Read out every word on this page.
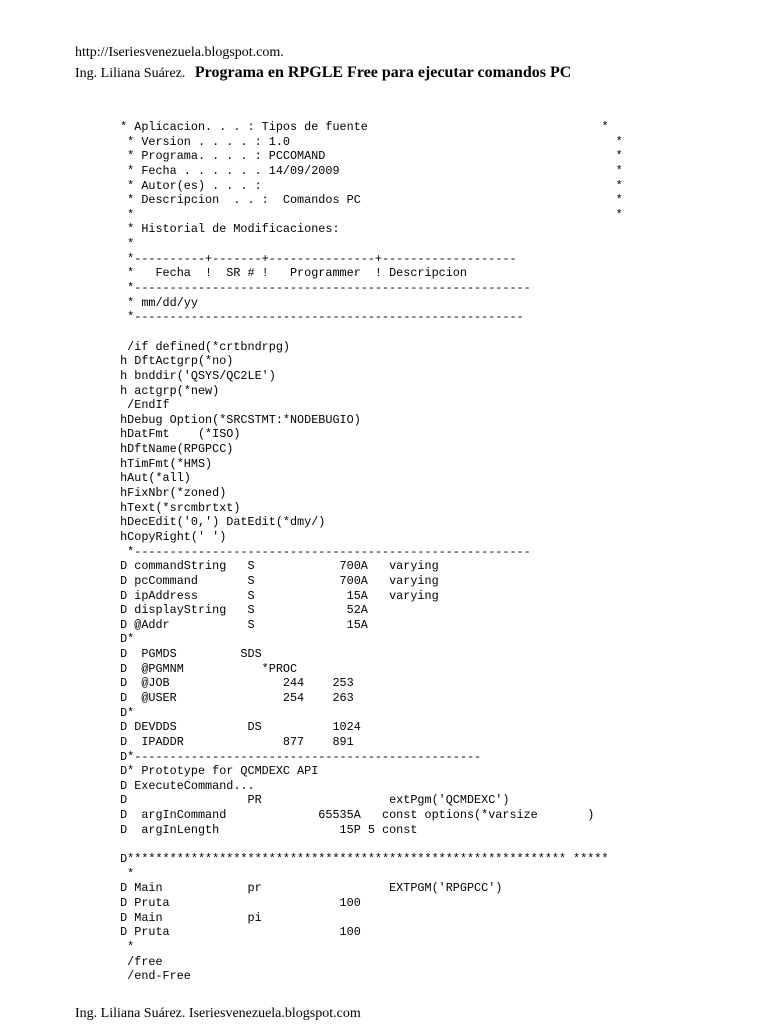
http://Iseriesvenezuela.blogspot.com.
Ing. Liliana Suárez. Programa en RPGLE Free para ejecutar comandos PC
* Aplicacion. . . : Tipos de fuente                                 *
* Version . . . . : 1.0                                              *
* Programa. . . . : PCCOMAND                                         *
* Fecha . . . . . . 14/09/2009                                       *
* Autor(es) . . . :                                                  *
* Descripcion  . . :  Comandos PC                                    *
*                                                                    *
* Historial de Modificaciones:
*
*----------+-------+---------------+-------------------
*   Fecha  !  SR # !   Programmer  ! Descripcion
*--------------------------------------------------------
* mm/dd/yy
*-------------------------------------------------------
/if defined(*crtbndrpg)
h DftActgrp(*no)
h bnddir('QSYS/QC2LE')
h actgrp(*new)
/EndIf
hDebug Option(*SRCSTMT:*NODEBUGIO)
hDatFmt    (*ISO)
hDftName(RPGPCC)
hTimFmt(*HMS)
hAut(*all)
hFixNbr(*zoned)
hText(*srcmbrtxt)
hDecEdit('0,') DatEdit(*dmy/)
hCopyRight(' ')
*--------------------------------------------------------
D commandString   S            700A   varying
D pcCommand       S            700A   varying
D ipAddress       S             15A   varying
D displayString   S             52A
D @Addr           S             15A
D*
D  PGMDS         SDS
D  @PGMNM           *PROC
D  @JOB                244    253
D  @USER               254    263
D*
D DEVDDS          DS          1024
D  IPADDR              877    891
D*-------------------------------------------------
D* Prototype for QCMDEXC API
D ExecuteCommand...
D                 PR                  extPgm('QCMDEXC')
D  argInCommand             65535A   const options(*varsize       )
D  argInLength                 15P 5 const
D************************************************************** *****
*
D Main            pr                  EXTPGM('RPGPCC')
D Pruta                        100
D Main            pi
D Pruta                        100
*
/free
/end-Free
Ing. Liliana Suárez. Iseriesvenezuela.blogspot.com
